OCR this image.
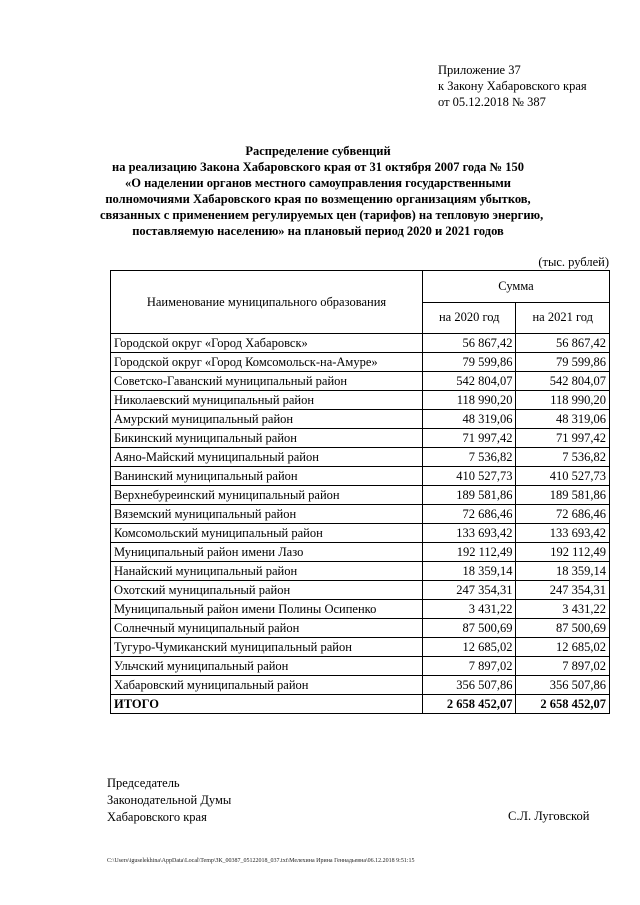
Приложение 37
к Закону Хабаровского края
от 05.12.2018 № 387
Распределение субвенций
на реализацию Закона Хабаровского края от 31 октября 2007 года № 150
«О наделении органов местного самоуправления государственными
полномочиями Хабаровского края по возмещению организациям убытков,
связанных с применением регулируемых цен (тарифов) на тепловую энергию,
поставляемую населению» на плановый период 2020 и 2021 годов
(тыс. рублей)
Наименование муниципального образования	Сумма	
	на 2020 год	на 2021 год
Городской округ «Город Хабаровск»	56 867,42	56 867,42
Городской округ «Город Комсомольск-на-Амуре»	79 599,86	79 599,86
Советско-Гаванский муниципальный район	542 804,07	542 804,07
Николаевский муниципальный район	118 990,20	118 990,20
Амурский муниципальный район	48 319,06	48 319,06
Бикинский муниципальный район	71 997,42	71 997,42
Аяно-Майский муниципальный район	7 536,82	7 536,82
Ванинский муниципальный район	410 527,73	410 527,73
Верхнебуреинский муниципальный район	189 581,86	189 581,86
Вяземский муниципальный район	72 686,46	72 686,46
Комсомольский муниципальный район	133 693,42	133 693,42
Муниципальный район имени Лазо	192 112,49	192 112,49
Нанайский муниципальный район	18 359,14	18 359,14
Охотский муниципальный район	247 354,31	247 354,31
Муниципальный район имени Полины Осипенко	3 431,22	3 431,22
Солнечный муниципальный район	87 500,69	87 500,69
Тугуро-Чумиканский муниципальный район	12 685,02	12 685,02
Ульчский муниципальный район	7 897,02	7 897,02
Хабаровский муниципальный район	356 507,86	356 507,86
ИТОГО	2 658 452,07	2 658 452,07
Председатель
Законодательной Думы
Хабаровского края	С.Л. Луговской
C:\Users\iguselekhina\AppData\Local\Temp\ЗК_00387_05122018_037.txt\Мелехина Ирина Геннадьевна\06.12.2018 9:51:15
